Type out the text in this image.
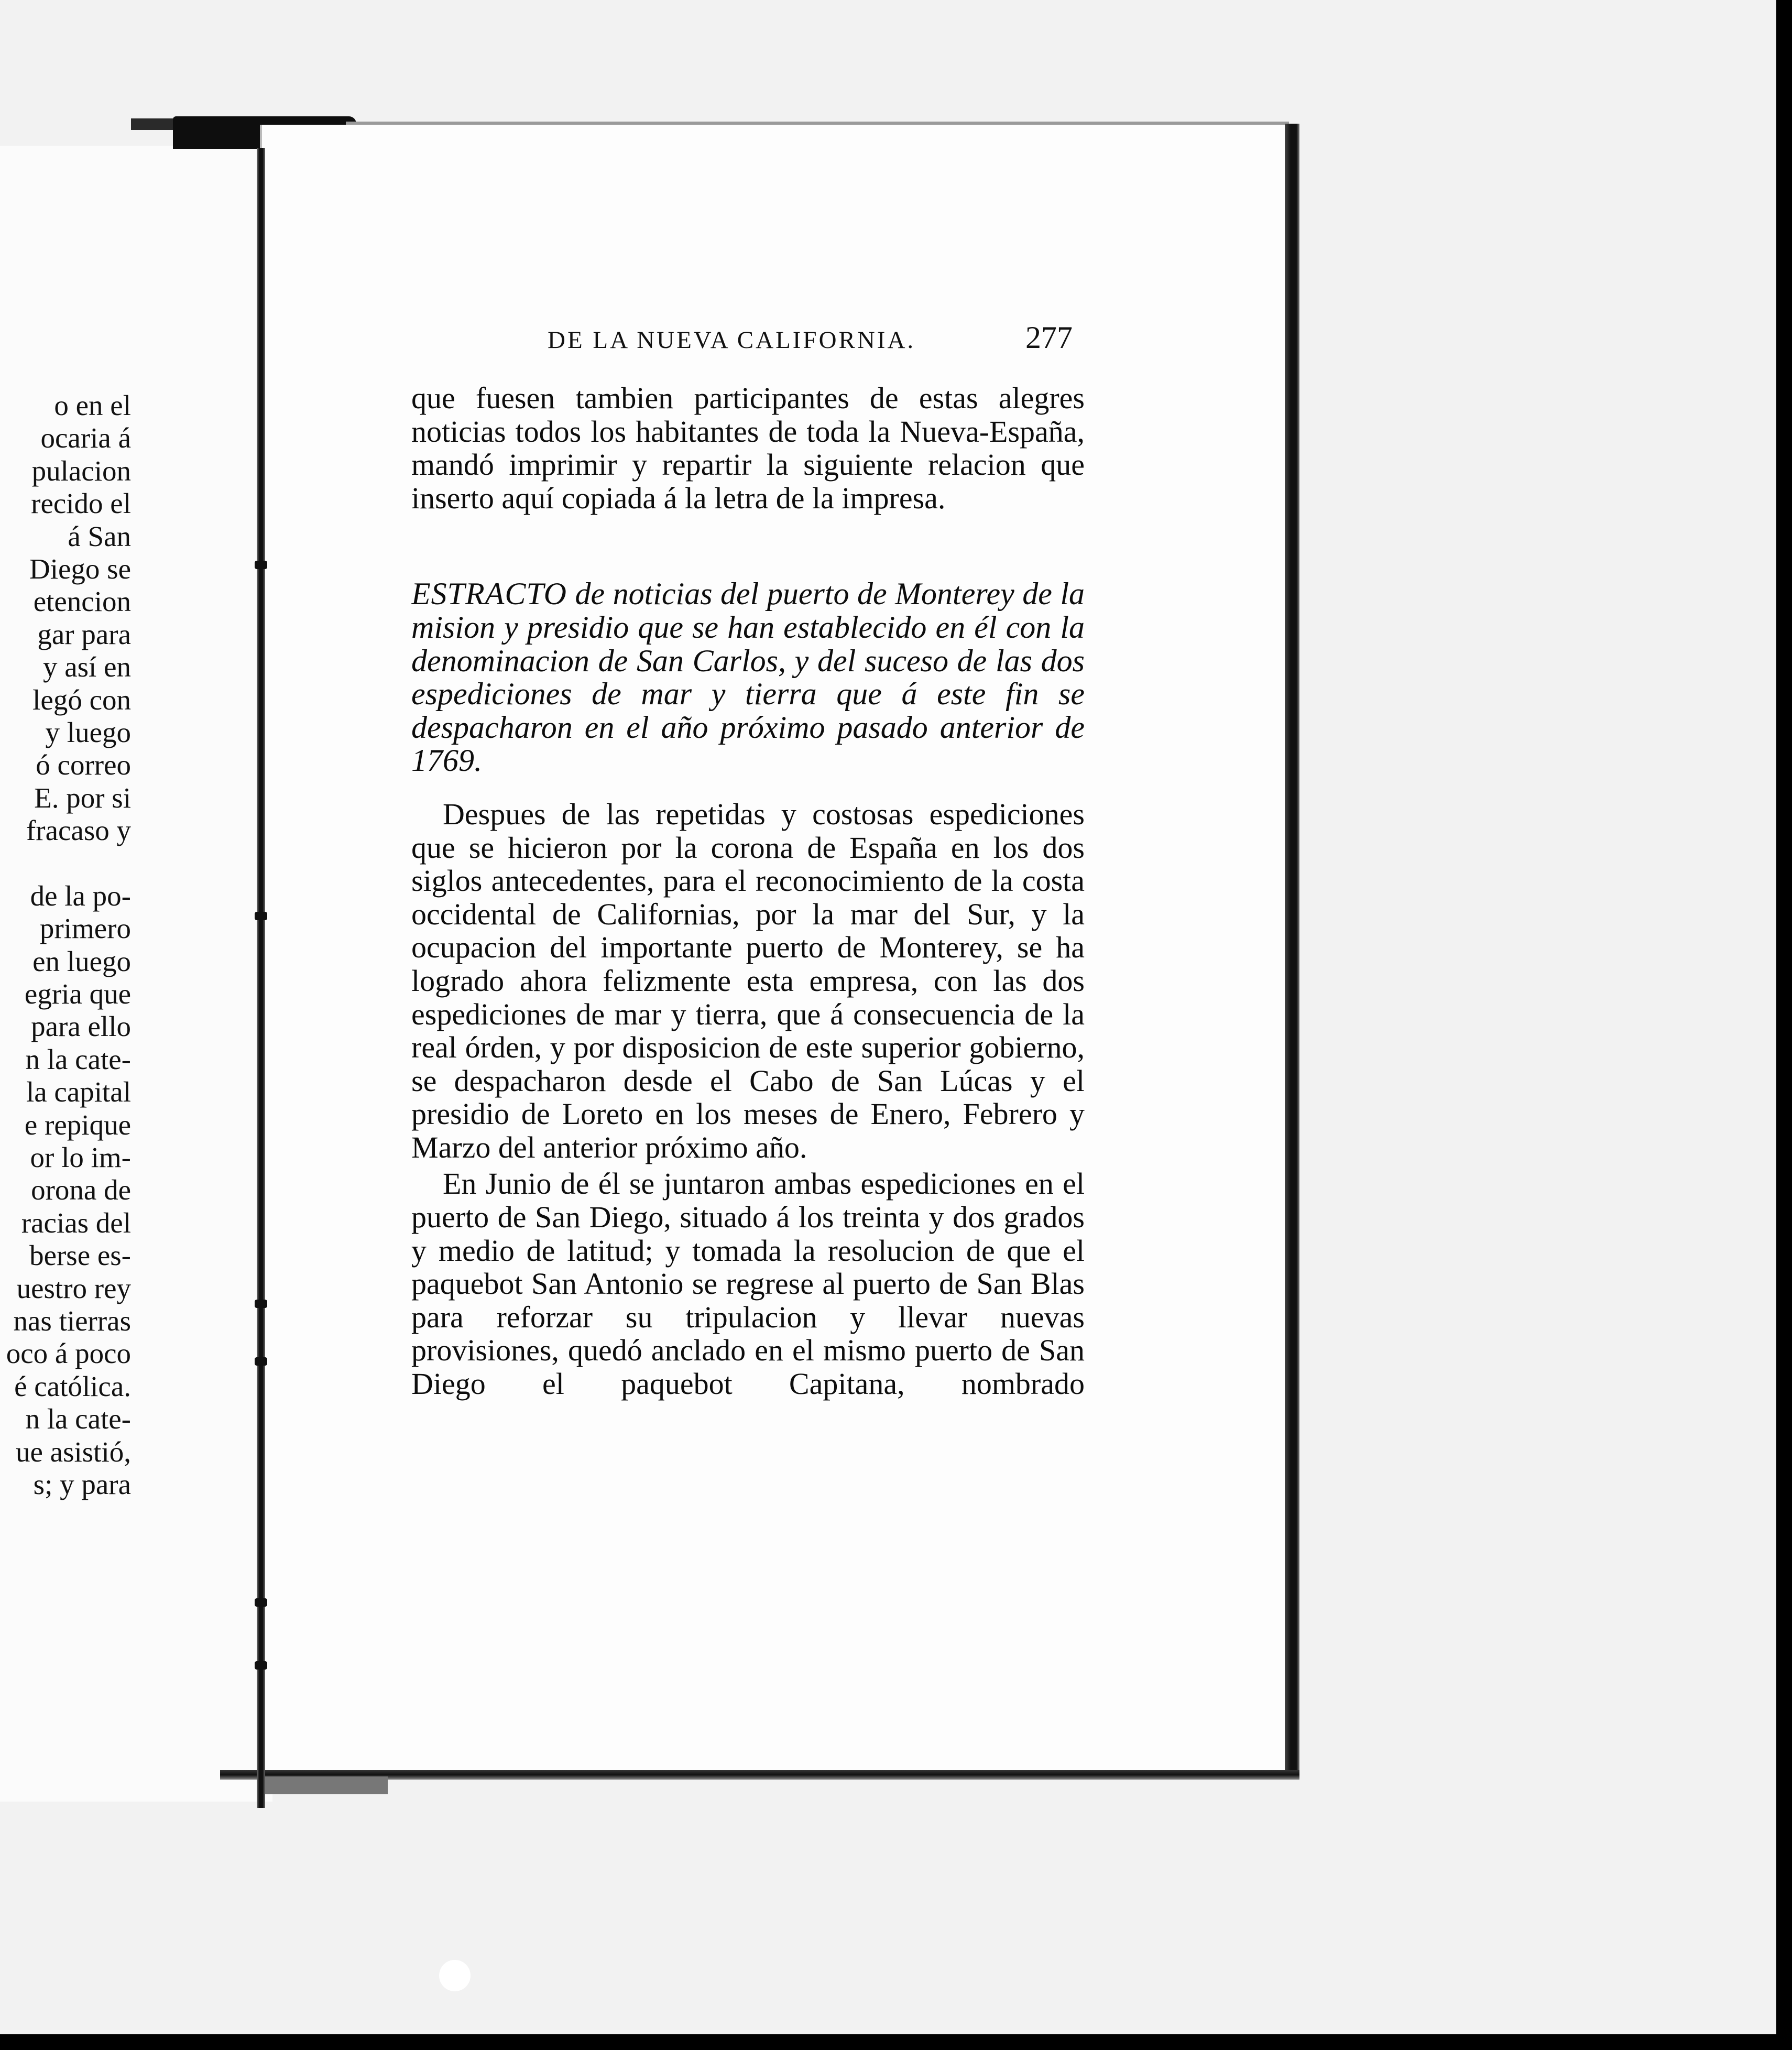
o en el
ocaria á
pulacion
recido el
á San
Diego se
etencion
gar para
y así en
legó con
y luego
ó correo
E. por si
fracaso y
de la po-
primero
en luego
egria que
para ello
n la cate-
la capital
e repique
or lo im-
orona de
racias del
berse es-
uestro rey
nas tierras
oco á poco
é católica.
n la cate-
ue asistió,
s; y para
DE LA NUEVA CALIFORNIA.	277

que fuesen tambien participantes de estas alegres noticias todos los habitantes de toda la Nueva-España, mandó imprimir y repartir la siguiente relacion que inserto aquí copiada á la letra de la impresa.

ESTRACTO de noticias del puerto de Monterey de la mision y presidio que se han establecido en él con la denominacion de San Carlos, y del suceso de las dos espediciones de mar y tierra que á este fin se despacharon en el año próximo pasado anterior de 1769.

Despues de las repetidas y costosas espediciones que se hicieron por la corona de España en los dos siglos antecedentes, para el reconocimiento de la costa occidental de Californias, por la mar del Sur, y la ocupacion del importante puerto de Monterey, se ha logrado ahora felizmente esta empresa, con las dos espediciones de mar y tierra, que á consecuencia de la real órden, y por disposicion de este superior gobierno, se despacharon desde el Cabo de San Lúcas y el presidio de Loreto en los meses de Enero, Febrero y Marzo del anterior próximo año.

En Junio de él se juntaron ambas espediciones en el puerto de San Diego, situado á los treinta y dos grados y medio de latitud; y tomada la resolucion de que el paquebot San Antonio se regrese al puerto de San Blas para reforzar su tripulacion y llevar nuevas provisiones, quedó anclado en el mismo puerto de San Diego el paquebot Capitana, nombrado
